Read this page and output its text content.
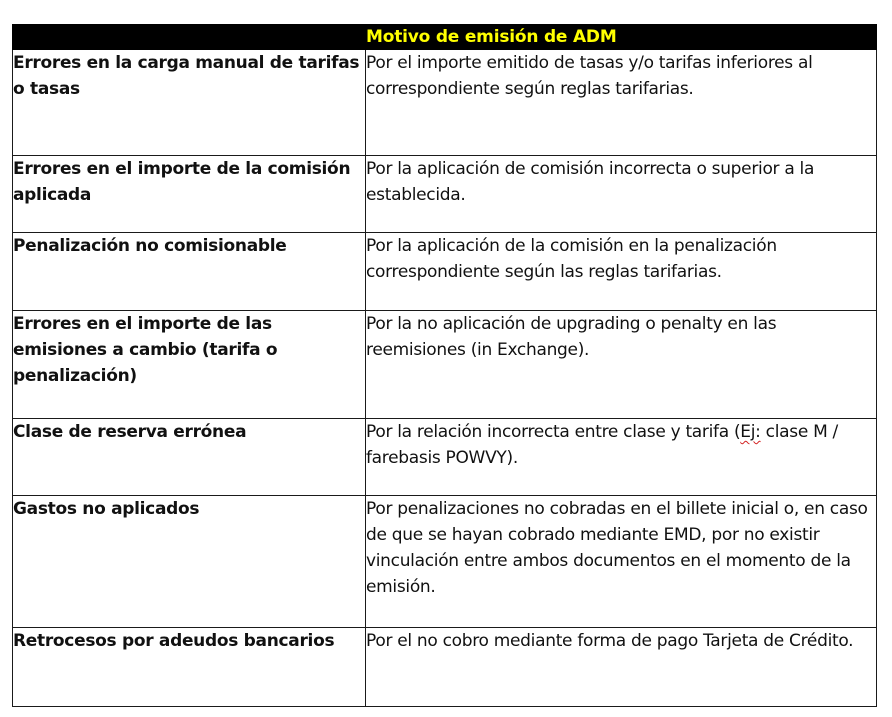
	Motivo de emisión de ADM
Errores en la carga manual de tarifas o tasas	Por el importe emitido de tasas y/o tarifas inferiores al correspondiente según reglas tarifarias.
Errores en el importe de la comisión aplicada	Por la aplicación de comisión incorrecta o superior a la establecida.
Penalización no comisionable	Por la aplicación de la comisión en la penalización correspondiente según las reglas tarifarias.
Errores en el importe de las emisiones a cambio (tarifa o penalización)	Por la no aplicación de upgrading o penalty en las reemisiones (in Exchange).
Clase de reserva errónea	Por la relación incorrecta entre clase y tarifa (Ej: clase M / farebasis POWVY).
Gastos no aplicados	Por penalizaciones no cobradas en el billete inicial o, en caso de que se hayan cobrado mediante EMD, por no existir vinculación entre ambos documentos en el momento de la emisión.
Retrocesos por adeudos bancarios	Por el no cobro mediante forma de pago Tarjeta de Crédito.
